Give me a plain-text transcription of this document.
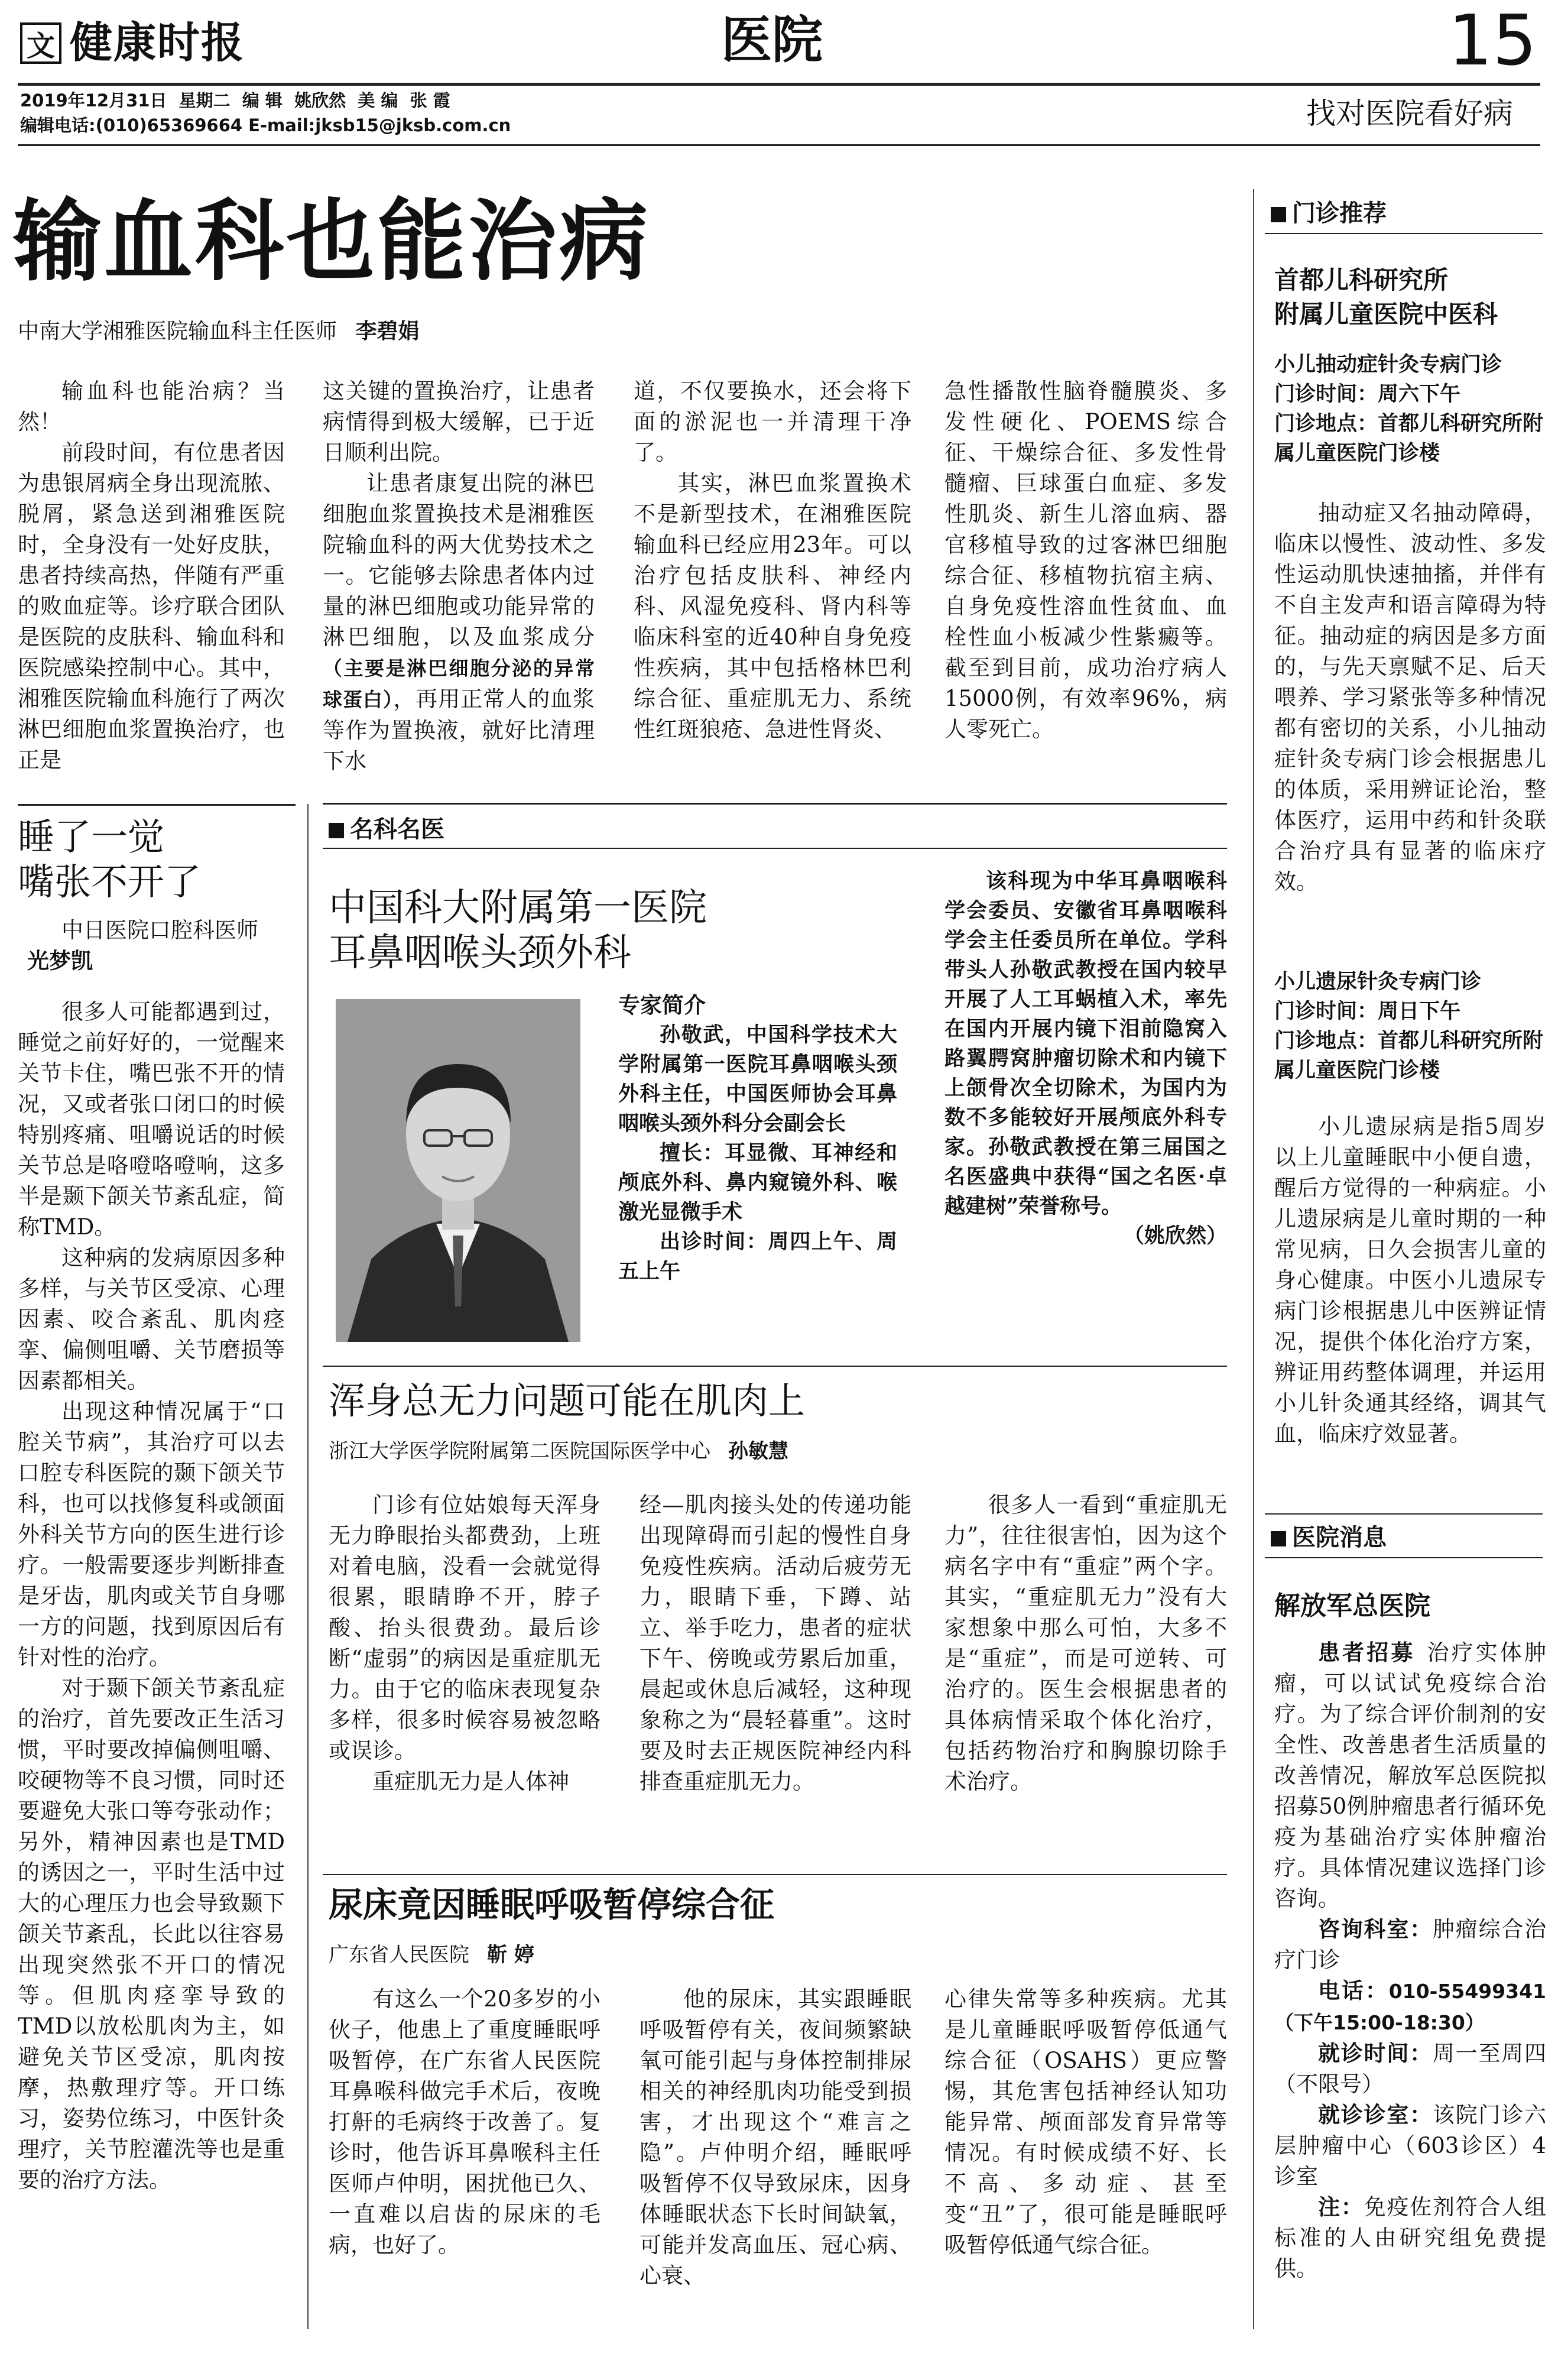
文 健康时报	医院	15
2019年12月31日  星期二  编 辑  姚欣然  美 编  张 霞
编辑电话:(010)65369664 E-mail:jksb15@jksb.com.cn	找对医院看好病
输血科也能治病
中南大学湘雅医院输血科主任医师 李碧娟

输血科也能治病？当然！

前段时间，有位患者因为患银屑病全身出现流脓、脱屑，紧急送到湘雅医院时，全身没有一处好皮肤，患者持续高热，伴随有严重的败血症等。诊疗联合团队是医院的皮肤科、输血科和医院感染控制中心。其中，湘雅医院输血科施行了两次淋巴细胞血浆置换治疗，也正是

这关键的置换治疗，让患者病情得到极大缓解，已于近日顺利出院。

让患者康复出院的淋巴细胞血浆置换技术是湘雅医院输血科的两大优势技术之一。它能够去除患者体内过量的淋巴细胞或功能异常的淋巴细胞，以及血浆成分（主要是淋巴细胞分泌的异常球蛋白），再用正常人的血浆等作为置换液，就好比清理下水

道，不仅要换水，还会将下面的淤泥也一并清理干净了。

其实，淋巴血浆置换术不是新型技术，在湘雅医院输血科已经应用23年。可以治疗包括皮肤科、神经内科、风湿免疫科、肾内科等临床科室的近40种自身免疫性疾病，其中包括格林巴利综合征、重症肌无力、系统性红斑狼疮、急进性肾炎、

急性播散性脑脊髓膜炎、多发性硬化、POEMS综合征、干燥综合征、多发性骨髓瘤、巨球蛋白血症、多发性肌炎、新生儿溶血病、器官移植导致的过客淋巴细胞综合征、移植物抗宿主病、自身免疫性溶血性贫血、血栓性血小板减少性紫癜等。截至到目前，成功治疗病人15000例，有效率96%，病人零死亡。

睡了一觉
嘴张不开了
中日医院口腔科医师光梦凯

很多人可能都遇到过，睡觉之前好好的，一觉醒来关节卡住，嘴巴张不开的情况，又或者张口闭口的时候特别疼痛、咀嚼说话的时候关节总是咯噔咯噔响，这多半是颞下颌关节紊乱症，简称TMD。

这种病的发病原因多种多样，与关节区受凉、心理因素、咬合紊乱、肌肉痉挛、偏侧咀嚼、关节磨损等因素都相关。

出现这种情况属于“口腔关节病”，其治疗可以去口腔专科医院的颞下颌关节科，也可以找修复科或颌面外科关节方向的医生进行诊疗。一般需要逐步判断排查是牙齿，肌肉或关节自身哪一方的问题，找到原因后有针对性的治疗。

对于颞下颌关节紊乱症的治疗，首先要改正生活习惯，平时要改掉偏侧咀嚼、咬硬物等不良习惯，同时还要避免大张口等夸张动作；另外，精神因素也是TMD的诱因之一，平时生活中过大的心理压力也会导致颞下颌关节紊乱，长此以往容易出现突然张不开口的情况等。但肌肉痉挛导致的TMD以放松肌肉为主，如避免关节区受凉，肌肉按摩，热敷理疗等。开口练习，姿势位练习，中医针灸理疗，关节腔灌洗等也是重要的治疗方法。

名科名医
中国科大附属第一医院
耳鼻咽喉头颈外科

专家简介

孙敬武，中国科学技术大学附属第一医院耳鼻咽喉头颈外科主任，中国医师协会耳鼻咽喉头颈外科分会副会长

擅长：耳显微、耳神经和颅底外科、鼻内窥镜外科、喉激光显微手术

出诊时间：周四上午、周五上午

该科现为中华耳鼻咽喉科学会委员、安徽省耳鼻咽喉科学会主任委员所在单位。学科带头人孙敬武教授在国内较早开展了人工耳蜗植入术，率先在国内开展内镜下泪前隐窝入路翼腭窝肿瘤切除术和内镜下上颌骨次全切除术，为国内为数不多能较好开展颅底外科专家。孙敬武教授在第三届国之名医盛典中获得“国之名医·卓越建树”荣誉称号。

（姚欣然）

浑身总无力问题可能在肌肉上
浙江大学医学院附属第二医院国际医学中心 孙敏慧

门诊有位姑娘每天浑身无力睁眼抬头都费劲，上班对着电脑，没看一会就觉得很累，眼睛睁不开，脖子酸、抬头很费劲。最后诊断“虚弱”的病因是重症肌无力。由于它的临床表现复杂多样，很多时候容易被忽略或误诊。

重症肌无力是人体神

经—肌肉接头处的传递功能出现障碍而引起的慢性自身免疫性疾病。活动后疲劳无力，眼睛下垂，下蹲、站立、举手吃力，患者的症状下午、傍晚或劳累后加重，晨起或休息后减轻，这种现象称之为“晨轻暮重”。这时要及时去正规医院神经内科排查重症肌无力。

很多人一看到“重症肌无力”，往往很害怕，因为这个病名字中有“重症”两个字。其实，“重症肌无力”没有大家想象中那么可怕，大多不是“重症”，而是可逆转、可治疗的。医生会根据患者的具体病情采取个体化治疗，包括药物治疗和胸腺切除手术治疗。

尿床竟因睡眠呼吸暂停综合征
广东省人民医院 靳 婷

有这么一个20多岁的小伙子，他患上了重度睡眠呼吸暂停，在广东省人民医院耳鼻喉科做完手术后，夜晚打鼾的毛病终于改善了。复诊时，他告诉耳鼻喉科主任医师卢仲明，困扰他已久、一直难以启齿的尿床的毛病，也好了。

他的尿床，其实跟睡眠呼吸暂停有关，夜间频繁缺氧可能引起与身体控制排尿相关的神经肌肉功能受到损害，才出现这个“难言之隐”。卢仲明介绍，睡眠呼吸暂停不仅导致尿床，因身体睡眠状态下长时间缺氧，可能并发高血压、冠心病、心衰、

心律失常等多种疾病。尤其是儿童睡眠呼吸暂停低通气综合征（OSAHS）更应警惕，其危害包括神经认知功能异常、颅面部发育异常等情况。有时候成绩不好、长不高、多动症、甚至变“丑”了，很可能是睡眠呼吸暂停低通气综合征。

门诊推荐
首都儿科研究所
附属儿童医院中医科

小儿抽动症针灸专病门诊

门诊时间：周六下午

门诊地点：首都儿科研究所附属儿童医院门诊楼

抽动症又名抽动障碍，临床以慢性、波动性、多发性运动肌快速抽搐，并伴有不自主发声和语言障碍为特征。抽动症的病因是多方面的，与先天禀赋不足、后天喂养、学习紧张等多种情况都有密切的关系，小儿抽动症针灸专病门诊会根据患儿的体质，采用辨证论治，整体医疗，运用中药和针灸联合治疗具有显著的临床疗效。

小儿遗尿针灸专病门诊

门诊时间：周日下午

门诊地点：首都儿科研究所附属儿童医院门诊楼

小儿遗尿病是指5周岁以上儿童睡眠中小便自遗，醒后方觉得的一种病症。小儿遗尿病是儿童时期的一种常见病，日久会损害儿童的身心健康。中医小儿遗尿专病门诊根据患儿中医辨证情况，提供个体化治疗方案，辨证用药整体调理，并运用小儿针灸通其经络，调其气血，临床疗效显著。

医院消息
解放军总医院

患者招募 治疗实体肿瘤，可以试试免疫综合治疗。为了综合评价制剂的安全性、改善患者生活质量的改善情况，解放军总医院拟招募50例肿瘤患者行循环免疫为基础治疗实体肿瘤治疗。具体情况建议选择门诊咨询。

咨询科室：肿瘤综合治疗门诊

电话：010-55499341（下午15:00-18:30）

就诊时间：周一至周四（不限号）

就诊诊室：该院门诊六层肿瘤中心（603诊区）4诊室

注：免疫佐剂符合人组标准的人由研究组免费提供。
